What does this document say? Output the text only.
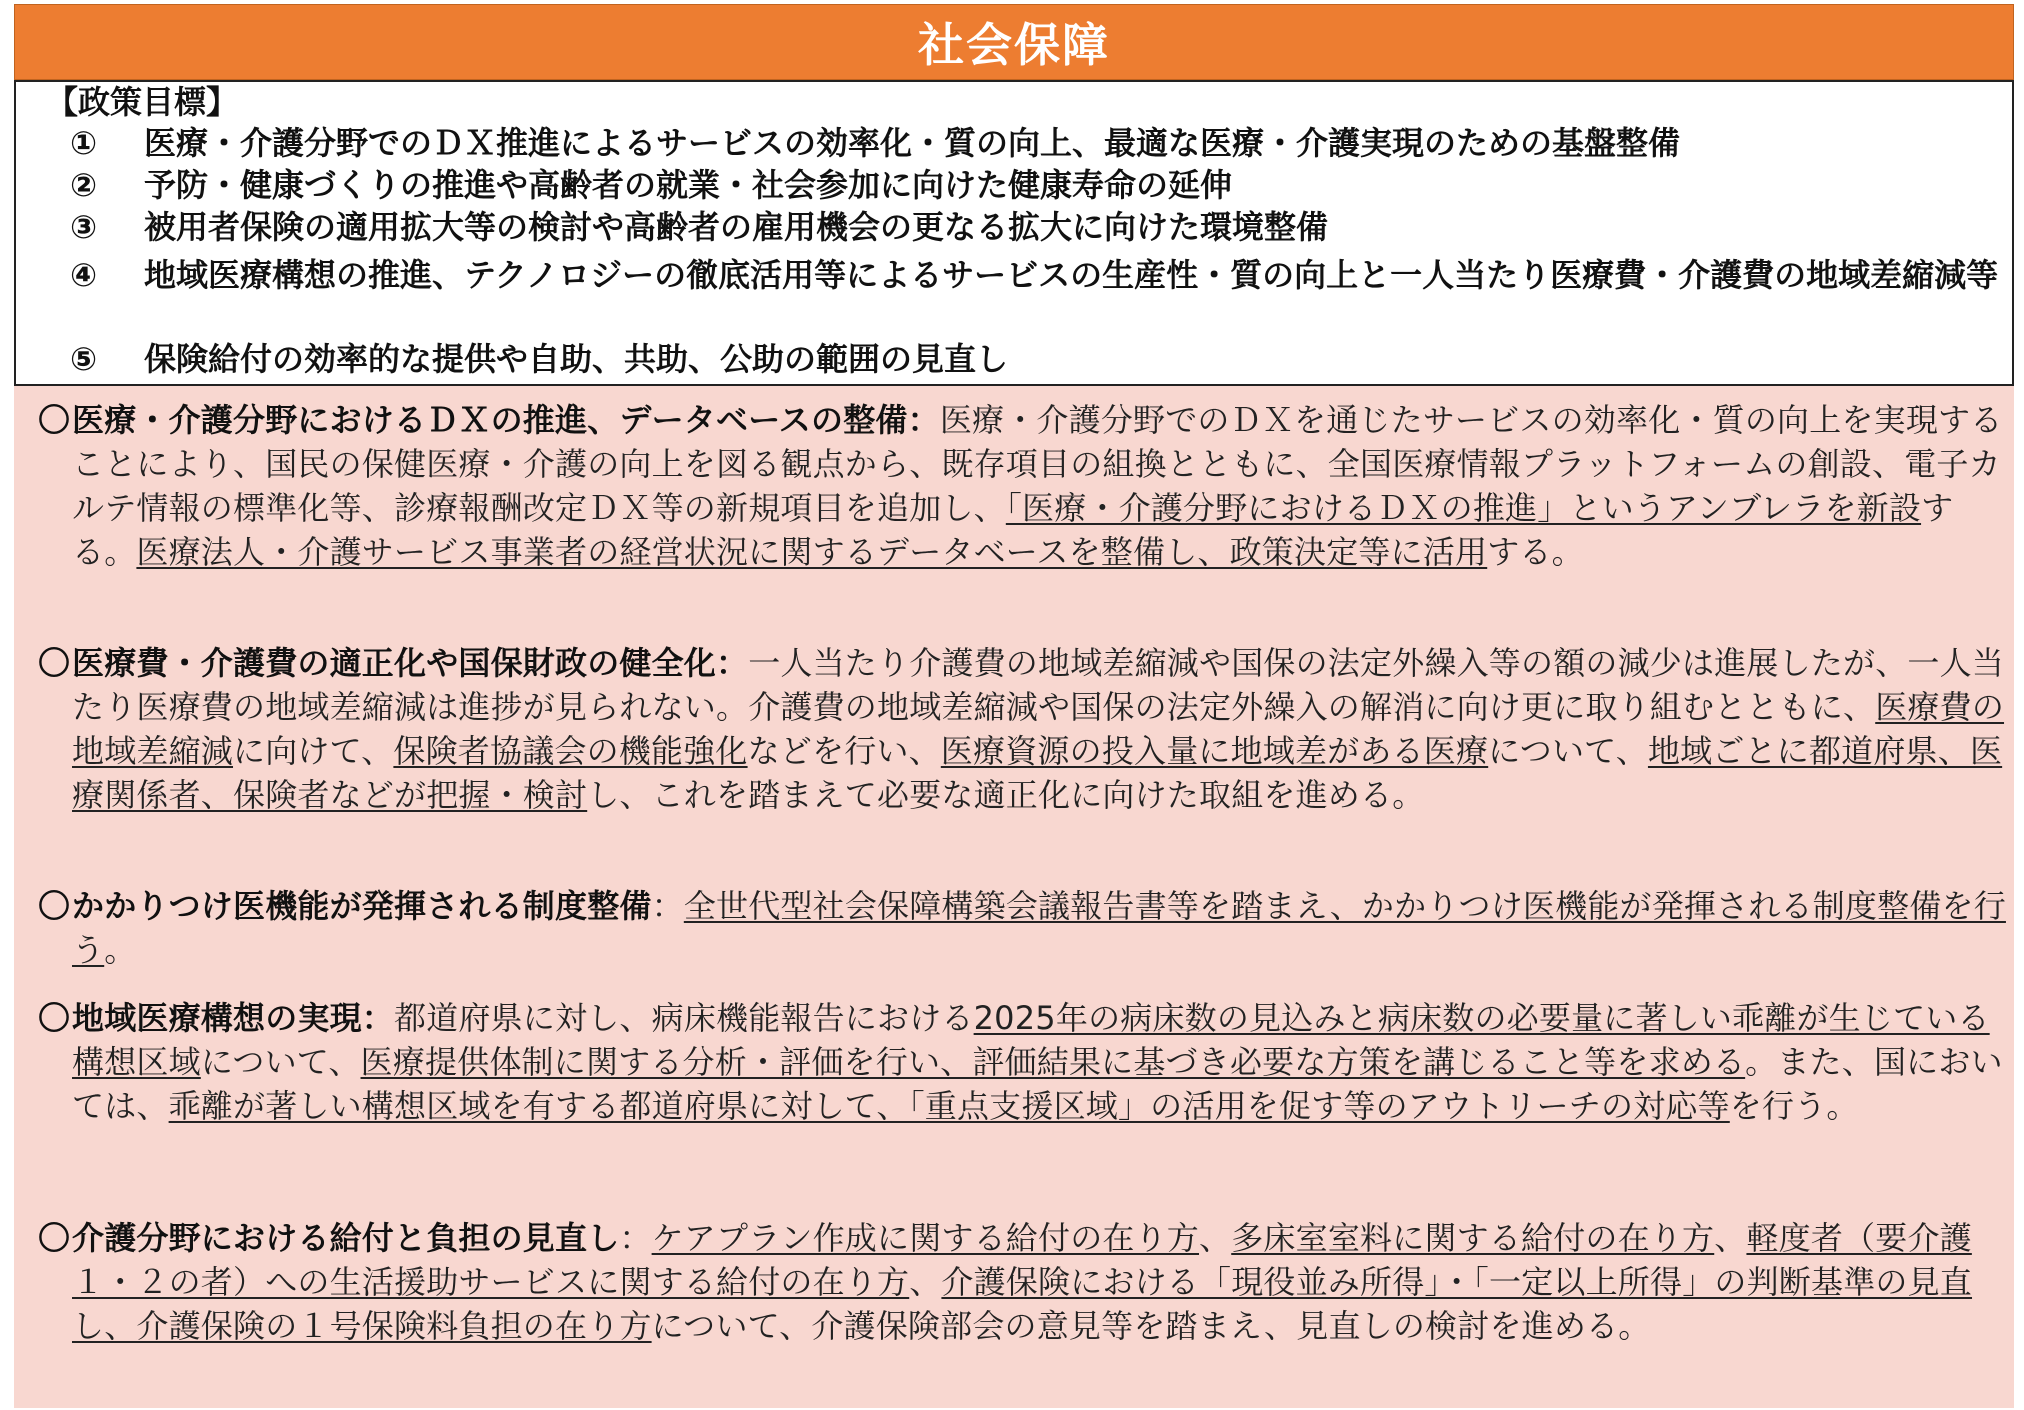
社会保障
【政策目標】
① 医療・介護分野でのＤＸ推進によるサービスの効率化・質の向上、最適な医療・介護実現のための基盤整備
② 予防・健康づくりの推進や高齢者の就業・社会参加に向けた健康寿命の延伸
③ 被用者保険の適用拡大等の検討や高齢者の雇用機会の更なる拡大に向けた環境整備
④ 地域医療構想の推進、テクノロジーの徹底活用等によるサービスの生産性・質の向上と一人当たり医療費・介護費の地域差縮減等
⑤ 保険給付の効率的な提供や自助、共助、公助の範囲の見直し
〇 医療・介護分野におけるＤＸの推進、データベースの整備：医療・介護分野でのＤＸを通じたサービスの効率化・質の向上を実現することにより、国民の保健医療・介護の向上を図る観点から、既存項目の組換とともに、全国医療情報プラットフォームの創設、電子カルテ情報の標準化等、診療報酬改定ＤＸ等の新規項目を追加し、「医療・介護分野におけるＤＸの推進」というアンブレラを新設する。医療法人・介護サービス事業者の経営状況に関するデータベースを整備し、政策決定等に活用する。
〇 医療費・介護費の適正化や国保財政の健全化：一人当たり介護費の地域差縮減や国保の法定外繰入等の額の減少は進展したが、一人当たり医療費の地域差縮減は進捗が見られない。介護費の地域差縮減や国保の法定外繰入の解消に向け更に取り組むとともに、医療費の地域差縮減に向けて、保険者協議会の機能強化などを行い、医療資源の投入量に地域差がある医療について、地域ごとに都道府県、医療関係者、保険者などが把握・検討し、これを踏まえて必要な適正化に向けた取組を進める。
〇 かかりつけ医機能が発揮される制度整備：全世代型社会保障構築会議報告書等を踏まえ、かかりつけ医機能が発揮される制度整備を行う。
〇 地域医療構想の実現：都道府県に対し、病床機能報告における2025年の病床数の見込みと病床数の必要量に著しい乖離が生じている構想区域について、医療提供体制に関する分析・評価を行い、評価結果に基づき必要な方策を講じること等を求める。また、国においては、乖離が著しい構想区域を有する都道府県に対して、「重点支援区域」の活用を促す等のアウトリーチの対応等を行う。
〇 介護分野における給付と負担の見直し：ケアプラン作成に関する給付の在り方、多床室室料に関する給付の在り方、軽度者（要介護１・２の者）への生活援助サービスに関する給付の在り方、介護保険における「現役並み所得」・「一定以上所得」の判断基準の見直し、介護保険の１号保険料負担の在り方について、介護保険部会の意見等を踏まえ、見直しの検討を進める。
